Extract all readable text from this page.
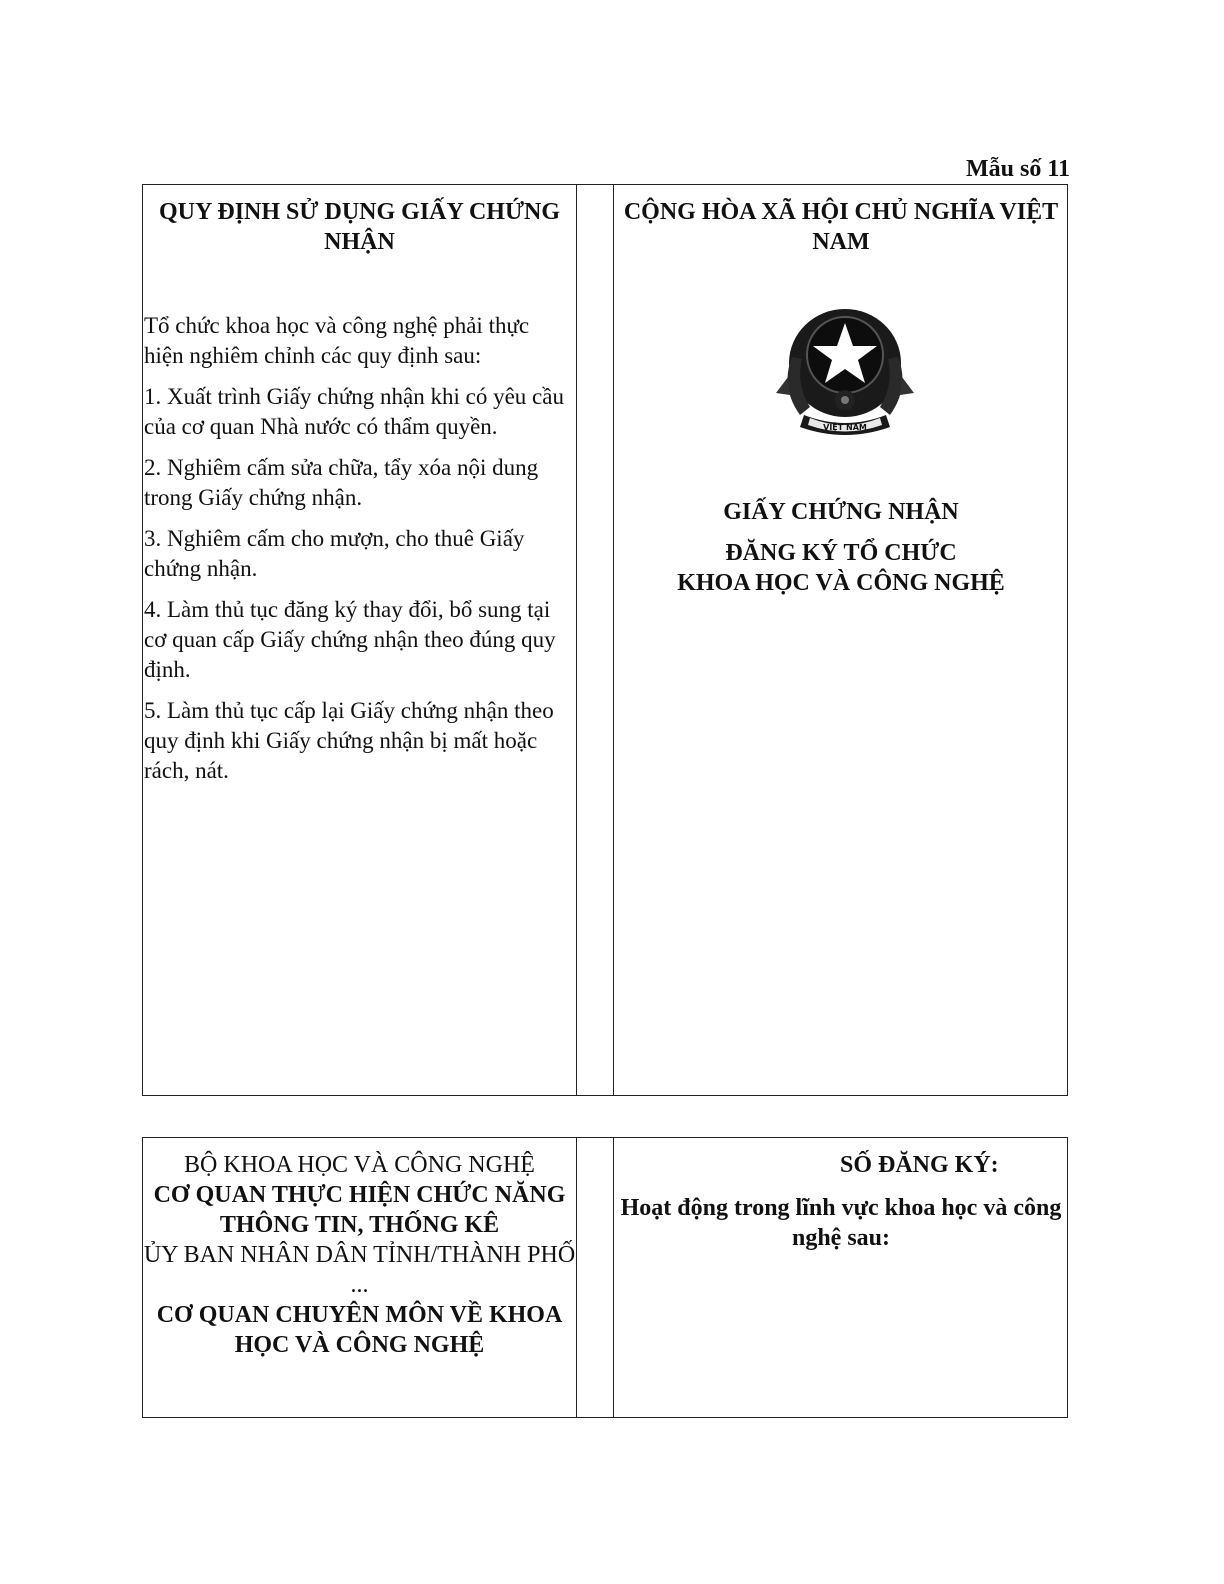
Mẫu số 11

QUY ĐỊNH SỬ DỤNG GIẤY CHỨNG NHẬN

Tổ chức khoa học và công nghệ phải thực hiện nghiêm chỉnh các quy định sau:

1. Xuất trình Giấy chứng nhận khi có yêu cầu của cơ quan Nhà nước có thẩm quyền.

2. Nghiêm cấm sửa chữa, tẩy xóa nội dung trong Giấy chứng nhận.

3. Nghiêm cấm cho mượn, cho thuê Giấy chứng nhận.

4. Làm thủ tục đăng ký thay đổi, bổ sung tại cơ quan cấp Giấy chứng nhận theo đúng quy định.

5. Làm thủ tục cấp lại Giấy chứng nhận theo quy định khi Giấy chứng nhận bị mất hoặc rách, nát.

CỘNG HÒA XÃ HỘI CHỦ NGHĨA VIỆT NAM

VIỆT NAM

GIẤY CHỨNG NHẬN

ĐĂNG KÝ TỔ CHỨC

KHOA HỌC VÀ CÔNG NGHỆ

BỘ KHOA HỌC VÀ CÔNG NGHỆ
CƠ QUAN THỰC HIỆN CHỨC NĂNG THÔNG TIN, THỐNG KÊ
ỦY BAN NHÂN DÂN TỈNH/THÀNH PHỐ ...
CƠ QUAN CHUYÊN MÔN VỀ KHOA HỌC VÀ CÔNG NGHỆ
SỐ ĐĂNG KÝ:
Hoạt động trong lĩnh vực khoa học và công nghệ sau:
